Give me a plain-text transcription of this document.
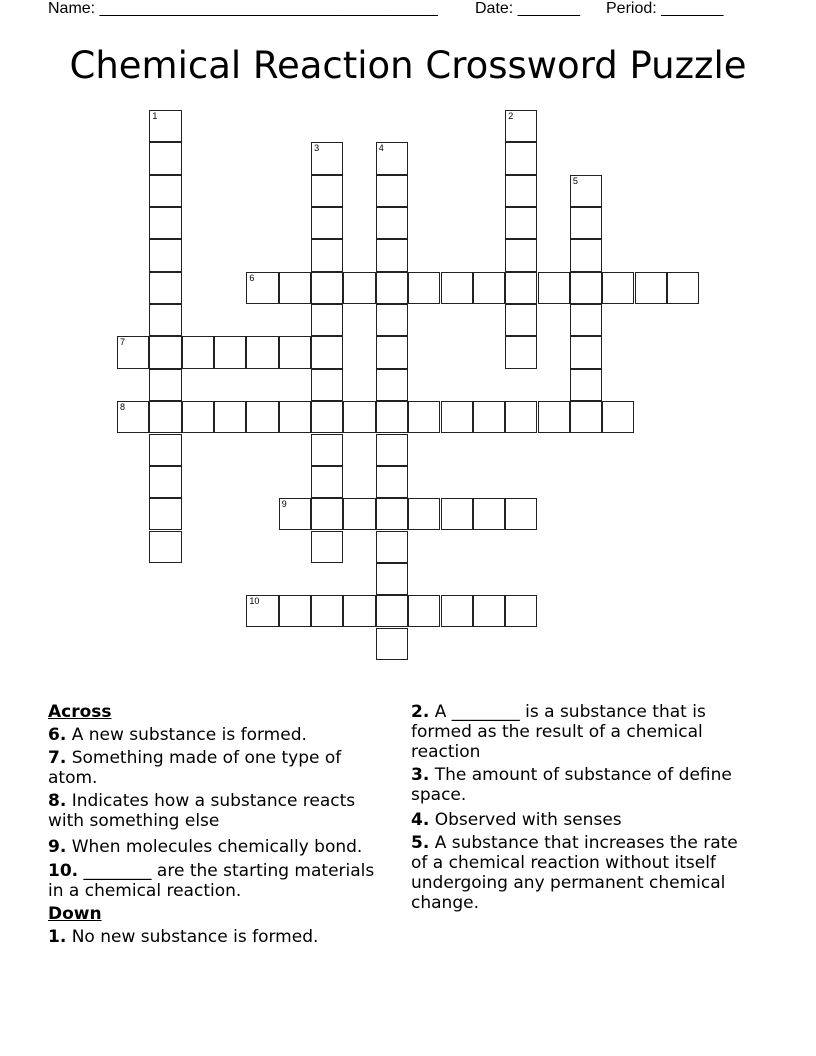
Name: ______________________________________ Date: _______ Period: _______
Chemical Reaction Crossword Puzzle
1	2
3	4
5
6
7
8
9
10
Across
6. A new substance is formed.
7. Something made of one type of atom.
8. Indicates how a substance reacts with something else
9. When molecules chemically bond.
10. ________ are the starting materials in a chemical reaction.
Down
1. No new substance is formed.
2. A ________ is a substance that is formed as the result of a chemical reaction
3. The amount of substance of define space.
4. Observed with senses
5. A substance that increases the rate of a chemical reaction without itself undergoing any permanent chemical change.
